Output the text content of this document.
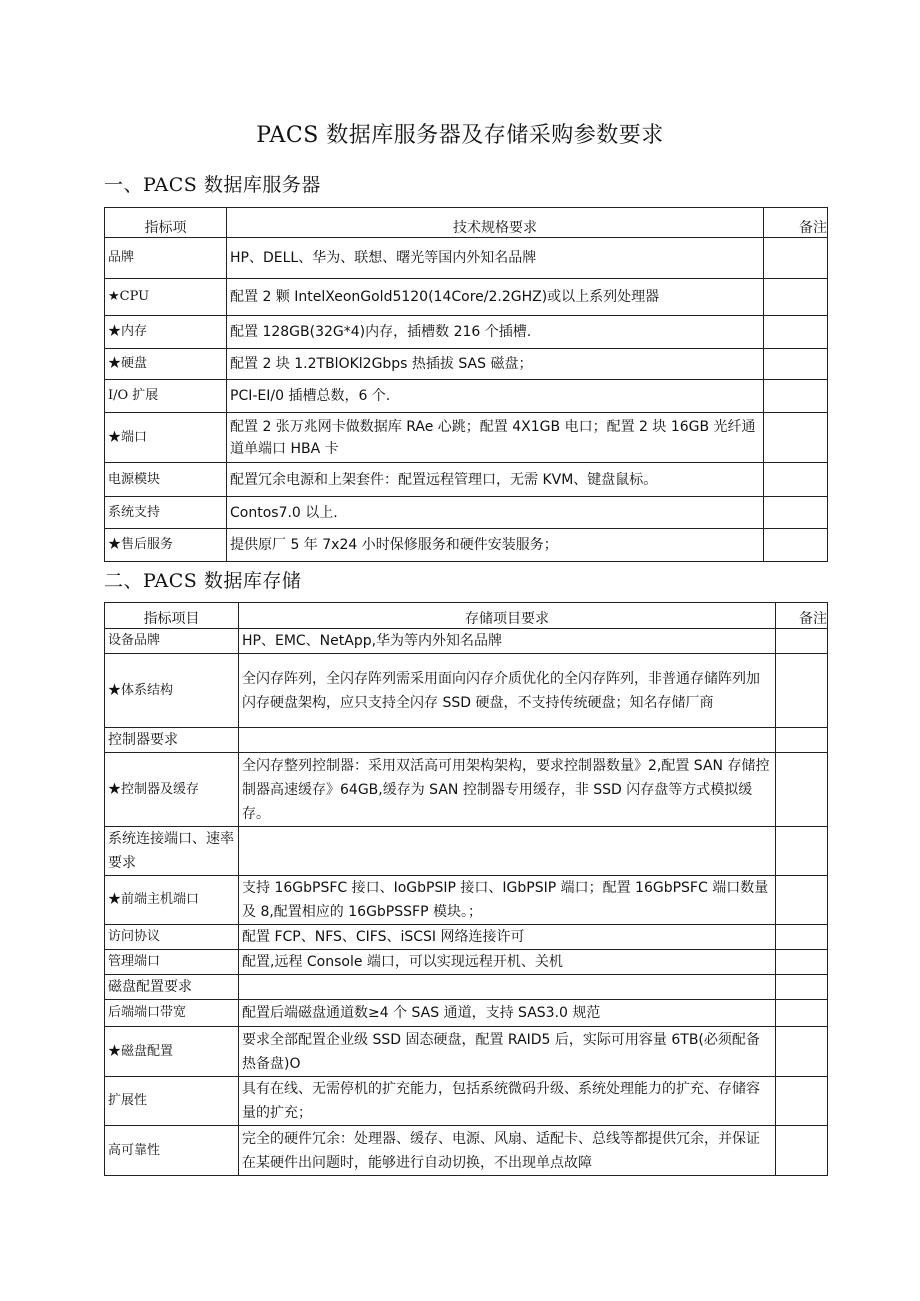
PACS 数据库服务器及存储采购参数要求
一、PACS 数据库服务器
指标项	技术规格要求	备注
品牌	HP、DELL、华为、联想、曙光等国内外知名品牌	
★CPU	配置 2 颗 IntelXeonGold5120(14Core/2.2GHZ)或以上系列处理器	
★内存	配置 128GB(32G*4)内存，插槽数 216 个插槽.	
★硬盘	配置 2 块 1.2TBlOKl2Gbps 热插拔 SAS 磁盘；	
I/O 扩展	PCI-EI/0 插槽总数，6 个.	
★端口	配置 2 张万兆网卡做数据库 RAe 心跳；配置 4X1GB 电口；配置 2 块 16GB 光纤通道单端口 HBA 卡	
电源模块	配置冗余电源和上架套件：配置远程管理口，无需 KVM、键盘鼠标。	
系统支持	Contos7.0 以上.	
★售后服务	提供原厂 5 年 7x24 小时保修服务和硬件安装服务；	
二、PACS 数据库存储
指标项目	存储项目要求	备注
设备品牌	HP、EMC、NetApp,华为等内外知名品牌	
★体系结构	全闪存阵列，全闪存阵列需采用面向闪存介质优化的全闪存阵列，非普通存储阵列加闪存硬盘架构，应只支持全闪存 SSD 硬盘，不支持传统硬盘；知名存储厂商	
控制器要求		
★控制器及缓存	全闪存整列控制器：采用双活高可用架构架构，要求控制器数量》2,配置 SAN 存储控制器高速缓存》64GB,缓存为 SAN 控制器专用缓存，非 SSD 闪存盘等方式模拟缓存。	
系统连接端口、速率要求		
★前端主机端口	支持 16GbPSFC 接口、IoGbPSIP 接口、IGbPSIP 端口；配置 16GbPSFC 端口数量及 8,配置相应的 16GbPSSFP 模块。；	
访问协议	配置 FCP、NFS、CIFS、iSCSI 网络连接许可	
管理端口	配置,远程 Console 端口，可以实现远程开机、关机	
磁盘配置要求		
后端端口带宽	配置后端磁盘通道数≥4 个 SAS 通道，支持 SAS3.0 规范	
★磁盘配置	要求全部配置企业级 SSD 固态硬盘，配置 RAID5 后，实际可用容量 6TB(必须配备热备盘)O	
扩展性	具有在线、无需停机的扩充能力，包括系统微码升级、系统处理能力的扩充、存储容量的扩充；	
高可靠性	完全的硬件冗余：处理器、缓存、电源、风扇、适配卡、总线等都提供冗余，并保证在某硬件出问题时，能够进行自动切换，不出现单点故障	
